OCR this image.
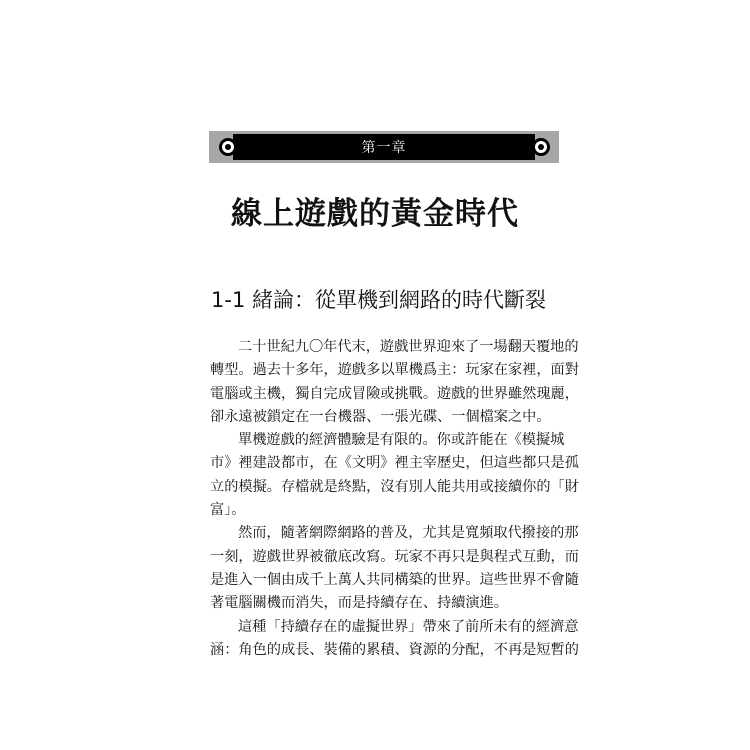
第一章
線上遊戲的黃金時代
1-1 緒論：從單機到網路的時代斷裂
二十世紀九〇年代末，遊戲世界迎來了一場翻天覆地的
轉型。過去十多年，遊戲多以單機爲主：玩家在家裡，面對
電腦或主機，獨自完成冒險或挑戰。遊戲的世界雖然瑰麗，
卻永遠被鎖定在一台機器、一張光碟、一個檔案之中。
單機遊戲的經濟體驗是有限的。你或許能在《模擬城
市》裡建設都市，在《文明》裡主宰歷史，但這些都只是孤
立的模擬。存檔就是終點，沒有別人能共用或接續你的「財
富」。
然而，隨著網際網路的普及，尤其是寬頻取代撥接的那
一刻，遊戲世界被徹底改寫。玩家不再只是與程式互動，而
是進入一個由成千上萬人共同構築的世界。這些世界不會隨
著電腦關機而消失，而是持續存在、持續演進。
這種「持續存在的虛擬世界」帶來了前所未有的經濟意
涵：角色的成長、裝備的累積、資源的分配，不再是短暫的
